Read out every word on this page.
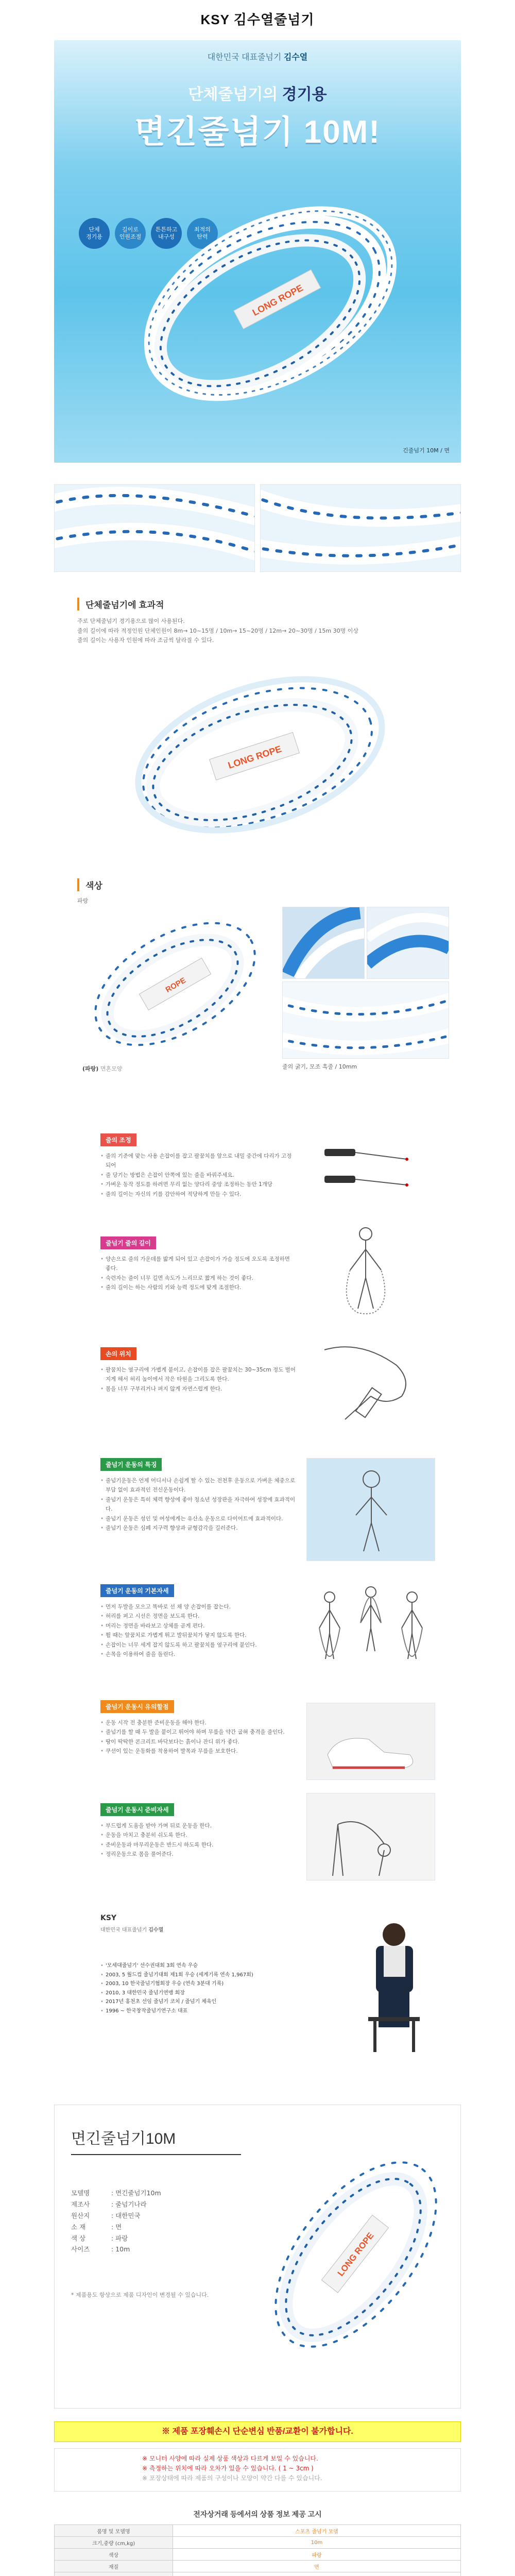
KSY 김수열줄넘기
대한민국 대표줄넘기 김수열
단체줄넘기의 경기용
면긴줄넘기 10M!
단체
경기용
길이로
인원조절
튼튼하고
내구성
최적의
탄력
LONG ROPE
긴줄넘기 10M / 면
단체줄넘기에 효과적
주로 단체줄넘기 경기용으로 많이 사용된다.
줄의 길이에 따라 적정인원 단체인원이 8m→ 10~15명 / 10m→ 15~20명 / 12m→ 20~30명 / 15m 30명 이상
줄의 길이는 사용자 인원에 따라 조금씩 달라질 수 있다.
LONG ROPE
색상
파랑
ROPE
(파랑) 면혼모양	줄의 굵기, 모조 흑줄 / 10mm
줄의 조정
• 줄의 기준에 맞는 사용 손잡이를 잡고 팔꿈치를 앞으로 내밀 중간에 다리가 고정되어
• 줄 당기는 방법은 손잡이 안쪽에 있는 줄을 바꿔주세요.
• 가벼운 동작 정도를 하려면 무리 없는 양다리 중앙 조정하는 동안 1개당
• 줄의 길이는 자신의 키를 감안하여 적당하게 만들 수 있다.
줄넘기 줄의 길이
• 양손으로 줄의 가운데를 밟게 되어 있고 손잡이가 가슴 정도에 오도록 조정하면 좋다.
• 숙련자는 줄이 너무 길면 속도가 느리므로 짧게 하는 것이 좋다.
• 줄의 길이는 하는 사람의 키와 능력 정도에 맞게 조절한다.
손의 위치
• 팔꿈치는 옆구리에 가볍게 붙이고, 손잡이를 잡은 팔꿈치는 30~35cm 정도 벌어지게 해서 허리 높이에서 작은 타원을 그리도록 한다.
• 몸을 너무 구부리거나 펴지 않게 자연스럽게 한다.
줄넘기 운동의 특징
• 줄넘기운동은 언제 어디서나 손쉽게 할 수 있는 전천후 운동으로 가벼운 체중으로 부담 없이 효과적인 전신운동이다.
• 줄넘기 운동은 특히 체력 향상에 좋아 청소년 성장판을 자극하여 성장에 효과적이다.
• 줄넘기 운동은 성인 및 여성에게는 유산소 운동으로 다이어트에 효과적이다.
• 줄넘기 운동은 심폐 지구력 향상과 균형감각을 길러준다.
줄넘기 운동의 기본자세
• 먼저 두발을 모으고 똑바로 선 채 양 손잡이를 잡는다.
• 허리를 펴고 시선은 정면을 보도록 한다.
• 머리는 정면을 바라보고 상체를 곧게 편다.
• 뛸 때는 앞꿈치로 가볍게 뛰고 발뒤꿈치가 닿지 않도록 한다.
• 손잡이는 너무 세게 잡지 않도록 하고 팔꿈치를 옆구리에 붙인다.
• 손목을 이용하여 줄을 돌린다.
줄넘기 운동시 유의할점
• 운동 시작 전 충분한 준비운동을 해야 한다.
• 줄넘기를 할 때 두 발을 붙이고 뛰어야 하며 무릎을 약간 굽혀 충격을 줄인다.
• 땅이 딱딱한 콘크리트 바닥보다는 흙이나 잔디 위가 좋다.
• 쿠션이 있는 운동화를 착용하여 발목과 무릎을 보호한다.
줄넘기 운동시 준비자세
• 부드럽게 도움을 받아 가며 뒤로 운동을 한다.
• 운동을 마치고 충분히 쉬도록 한다.
• 준비운동과 마무리운동은 반드시 하도록 한다.
• 정리운동으로 몸을 풀어준다.
KSY
대한민국 대표줄넘기 김수열
• '모세대줄넘기' 선수권대회 3회 연속 우승
• 2003, 5 월드컵 줄넘기대회 제1회 우승 (세계기록 연속 1,967회)
• 2003, 10 한국줄넘기협회장 우승 (연속 3분대 기록)
• 2010, 3 대한민국 줄넘기연맹 회장
• 2017년 홍천초 선임 줄넘기 코치 / 줄넘기 체육인
• 1996 ~ 한국창작줄넘기연구소 대표
면긴줄넘기10M
모델명	: 면긴줄넘기10m
제조사	: 줄넘기나라
원산지	: 대한민국
소 재	: 면
색 상	: 파랑
사이즈	: 10m
* 제품용도 항상으로 제품 디자인이 변경될 수 있습니다.
LONG ROPE
※ 제품 포장훼손시 단순변심 반품/교환이 불가합니다.
※ 모니터 사양에 따라 실제 상품 색상과 다르게 보일 수 있습니다.
※ 측정하는 위치에 따라 오차가 있을 수 있습니다. ( 1 ~ 3cm )
※ 포장상태에 따라 제품의 구성이나 모양이 약간 다를 수 있습니다.
전자상거래 등에서의 상품 정보 제공 고시
품명 및 모델명	스포츠 줄넘기 모델
크기,중량 (cm,kg)	10m
색상	파랑
재질	면
